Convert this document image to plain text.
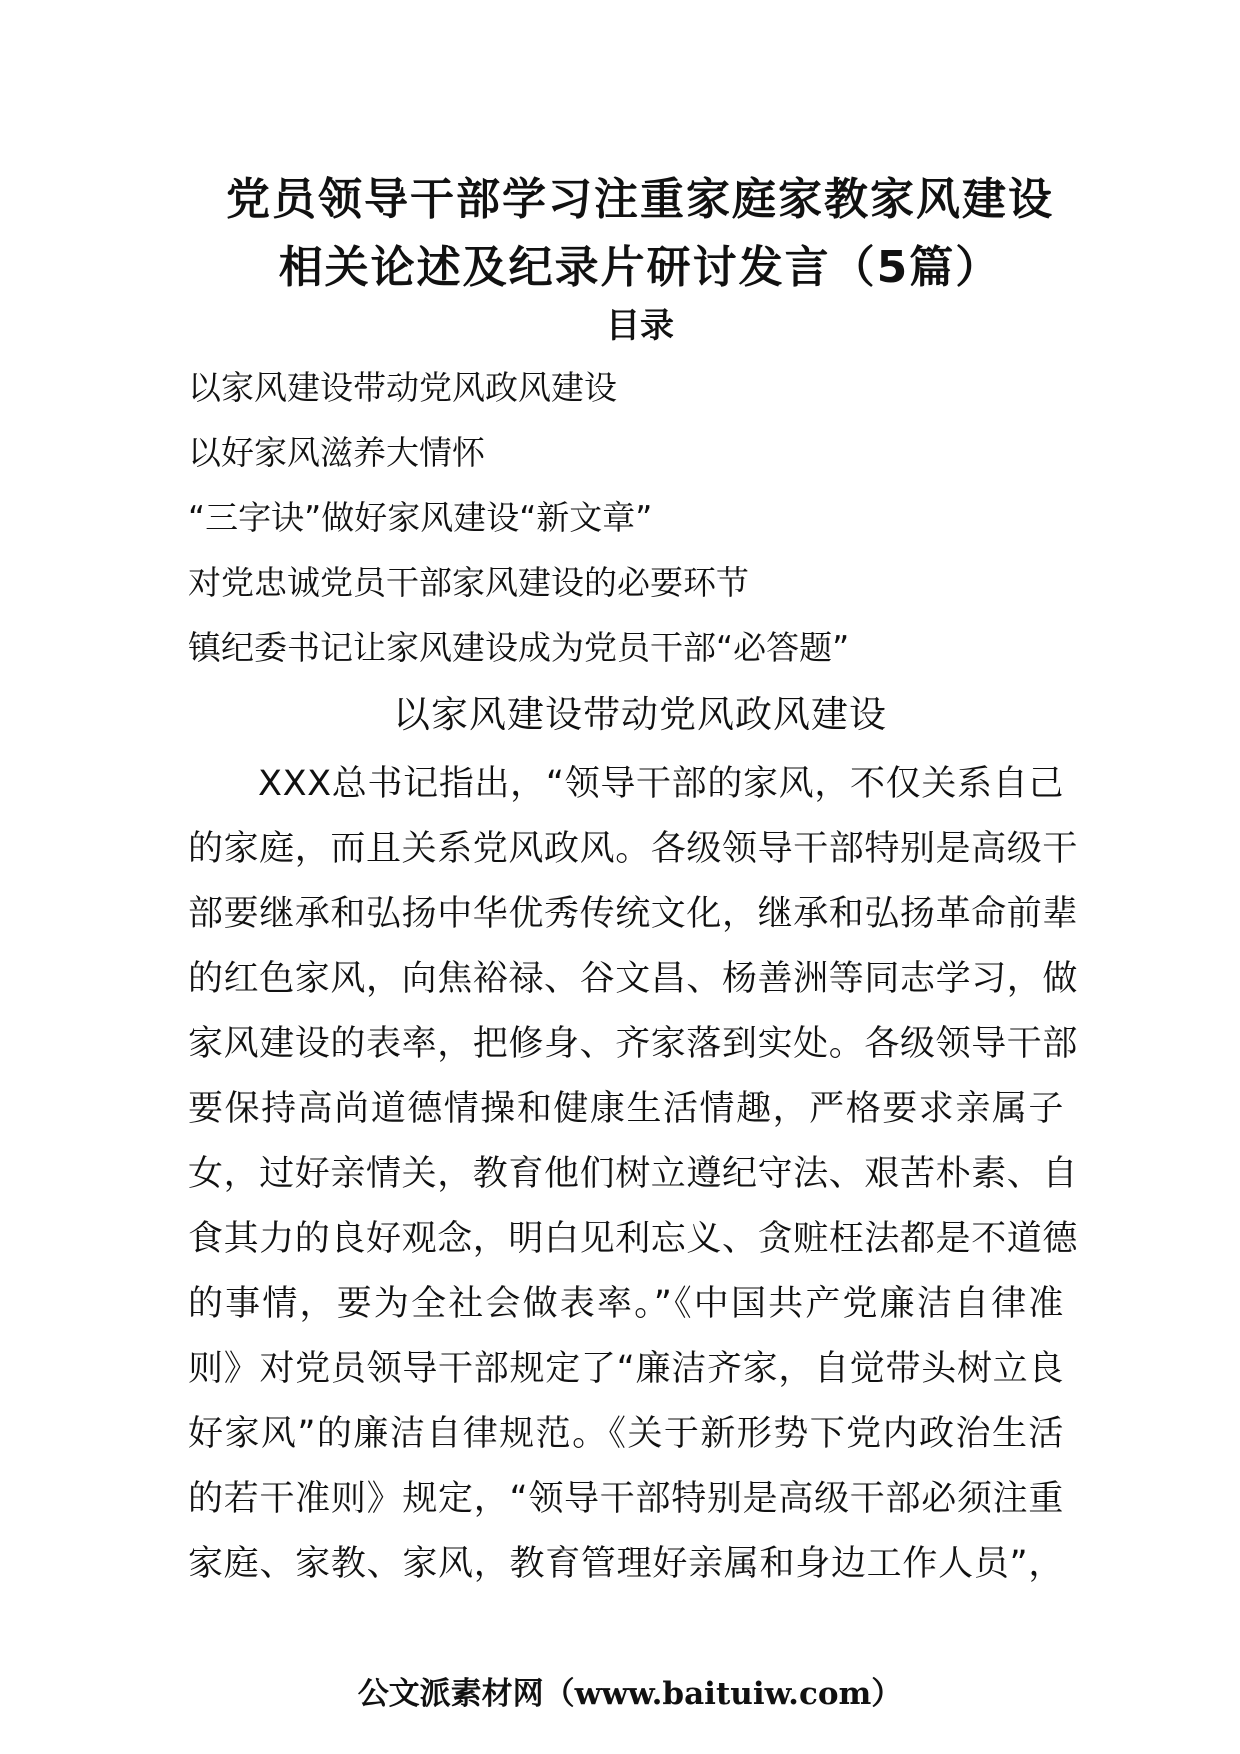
党员领导干部学习注重家庭家教家风建设
相关论述及纪录片研讨发言（5篇）
目录
以家风建设带动党风政风建设
以好家风滋养大情怀
“三字诀”做好家风建设“新文章”
对党忠诚党员干部家风建设的必要环节
镇纪委书记让家风建设成为党员干部“必答题”
以家风建设带动党风政风建设
XXX总书记指出，“领导干部的家风，不仅关系自己
的家庭，而且关系党风政风。各级领导干部特别是高级干
部要继承和弘扬中华优秀传统文化，继承和弘扬革命前辈
的红色家风，向焦裕禄、谷文昌、杨善洲等同志学习，做
家风建设的表率，把修身、齐家落到实处。各级领导干部
要保持高尚道德情操和健康生活情趣，严格要求亲属子
女，过好亲情关，教育他们树立遵纪守法、艰苦朴素、自
食其力的良好观念，明白见利忘义、贪赃枉法都是不道德
的事情，要为全社会做表率。”《中国共产党廉洁自律准
则》对党员领导干部规定了“廉洁齐家，自觉带头树立良
好家风”的廉洁自律规范。《关于新形势下党内政治生活
的若干准则》规定，“领导干部特别是高级干部必须注重
家庭、家教、家风，教育管理好亲属和身边工作人员”，
公文派素材网（www.baituiw.com）
